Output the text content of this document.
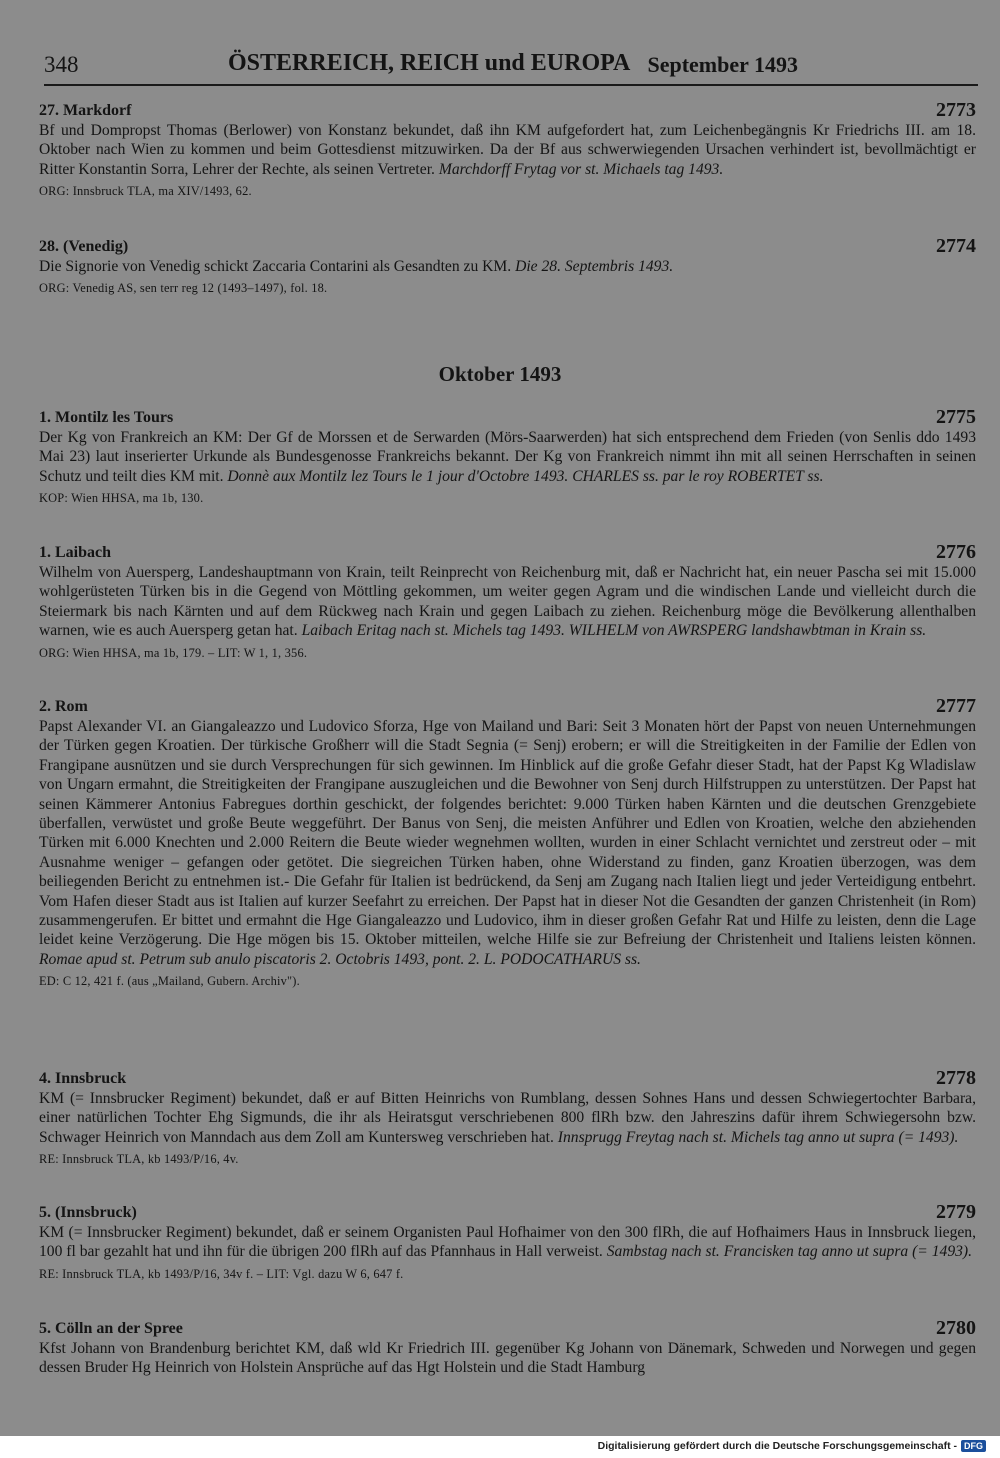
348	ÖSTERREICH, REICH und EUROPA September 1493
27. Markdorf	2773
Bf und Dompropst Thomas (Berlower) von Konstanz bekundet, daß ihn KM aufgefordert hat, zum Leichenbegängnis Kr Friedrichs III. am 18. Oktober nach Wien zu kommen und beim Gottesdienst mitzuwirken. Da der Bf aus schwerwiegenden Ursachen verhindert ist, bevollmächtigt er Ritter Konstantin Sorra, Lehrer der Rechte, als seinen Vertreter. Marchdorff Frytag vor st. Michaels tag 1493.
ORG: Innsbruck TLA, ma XIV/1493, 62.
28. (Venedig)	2774
Die Signorie von Venedig schickt Zaccaria Contarini als Gesandten zu KM. Die 28. Septembris 1493.
ORG: Venedig AS, sen terr reg 12 (1493–1497), fol. 18.
Oktober 1493
1. Montilz les Tours	2775
Der Kg von Frankreich an KM: Der Gf de Morssen et de Serwarden (Mörs-Saarwerden) hat sich entsprechend dem Frieden (von Senlis ddo 1493 Mai 23) laut inserierter Urkunde als Bundesgenosse Frankreichs bekannt. Der Kg von Frankreich nimmt ihn mit all seinen Herrschaften in seinen Schutz und teilt dies KM mit. Donnè aux Montilz lez Tours le 1 jour d'Octobre 1493. CHARLES ss. par le roy ROBERTET ss.
KOP: Wien HHSA, ma 1b, 130.
1. Laibach	2776
Wilhelm von Auersperg, Landeshauptmann von Krain, teilt Reinprecht von Reichenburg mit, daß er Nachricht hat, ein neuer Pascha sei mit 15.000 wohlgerüsteten Türken bis in die Gegend von Möttling gekommen, um weiter gegen Agram und die windischen Lande und vielleicht durch die Steiermark bis nach Kärnten und auf dem Rückweg nach Krain und gegen Laibach zu ziehen. Reichenburg möge die Bevölkerung allenthalben warnen, wie es auch Auersperg getan hat. Laibach Eritag nach st. Michels tag 1493. WILHELM von AWRSPERG landshawbtman in Krain ss.
ORG: Wien HHSA, ma 1b, 179. – LIT: W 1, 1, 356.
2. Rom	2777
Papst Alexander VI. an Giangaleazzo und Ludovico Sforza, Hge von Mailand und Bari: Seit 3 Monaten hört der Papst von neuen Unternehmungen der Türken gegen Kroatien. Der türkische Großherr will die Stadt Segnia (= Senj) erobern; er will die Streitigkeiten in der Familie der Edlen von Frangipane ausnützen und sie durch Versprechungen für sich gewinnen. Im Hinblick auf die große Gefahr dieser Stadt, hat der Papst Kg Wladislaw von Ungarn ermahnt, die Streitigkeiten der Frangipane auszugleichen und die Bewohner von Senj durch Hilfstruppen zu unterstützen. Der Papst hat seinen Kämmerer Antonius Fabregues dorthin geschickt, der folgendes berichtet: 9.000 Türken haben Kärnten und die deutschen Grenzgebiete überfallen, verwüstet und große Beute weggeführt. Der Banus von Senj, die meisten Anführer und Edlen von Kroatien, welche den abziehenden Türken mit 6.000 Knechten und 2.000 Reitern die Beute wieder wegnehmen wollten, wurden in einer Schlacht vernichtet und zerstreut oder – mit Ausnahme weniger – gefangen oder getötet. Die siegreichen Türken haben, ohne Widerstand zu finden, ganz Kroatien überzogen, was dem beiliegenden Bericht zu entnehmen ist.- Die Gefahr für Italien ist bedrückend, da Senj am Zugang nach Italien liegt und jeder Verteidigung entbehrt. Vom Hafen dieser Stadt aus ist Italien auf kurzer Seefahrt zu erreichen. Der Papst hat in dieser Not die Gesandten der ganzen Christenheit (in Rom) zusammengerufen. Er bittet und ermahnt die Hge Giangaleazzo und Ludovico, ihm in dieser großen Gefahr Rat und Hilfe zu leisten, denn die Lage leidet keine Verzögerung. Die Hge mögen bis 15. Oktober mitteilen, welche Hilfe sie zur Befreiung der Christenheit und Italiens leisten können. Romae apud st. Petrum sub anulo piscatoris 2. Octobris 1493, pont. 2. L. PODOCATHARUS ss.
ED: C 12, 421 f. (aus „Mailand, Gubern. Archiv").
4. Innsbruck	2778
KM (= Innsbrucker Regiment) bekundet, daß er auf Bitten Heinrichs von Rumblang, dessen Sohnes Hans und dessen Schwiegertochter Barbara, einer natürlichen Tochter Ehg Sigmunds, die ihr als Heiratsgut verschriebenen 800 flRh bzw. den Jahreszins dafür ihrem Schwiegersohn bzw. Schwager Heinrich von Manndach aus dem Zoll am Kuntersweg verschrieben hat. Innsprugg Freytag nach st. Michels tag anno ut supra (= 1493).
RE: Innsbruck TLA, kb 1493/P/16, 4v.
5. (Innsbruck)	2779
KM (= Innsbrucker Regiment) bekundet, daß er seinem Organisten Paul Hofhaimer von den 300 flRh, die auf Hofhaimers Haus in Innsbruck liegen, 100 fl bar gezahlt hat und ihn für die übrigen 200 flRh auf das Pfannhaus in Hall verweist. Sambstag nach st. Francisken tag anno ut supra (= 1493).
RE: Innsbruck TLA, kb 1493/P/16, 34v f. – LIT: Vgl. dazu W 6, 647 f.
5. Cölln an der Spree	2780
Kfst Johann von Brandenburg berichtet KM, daß wld Kr Friedrich III. gegenüber Kg Johann von Dänemark, Schweden und Norwegen und gegen dessen Bruder Hg Heinrich von Holstein Ansprüche auf das Hgt Holstein und die Stadt Hamburg
Digitalisierung gefördert durch die Deutsche Forschungsgemeinschaft - DFG
